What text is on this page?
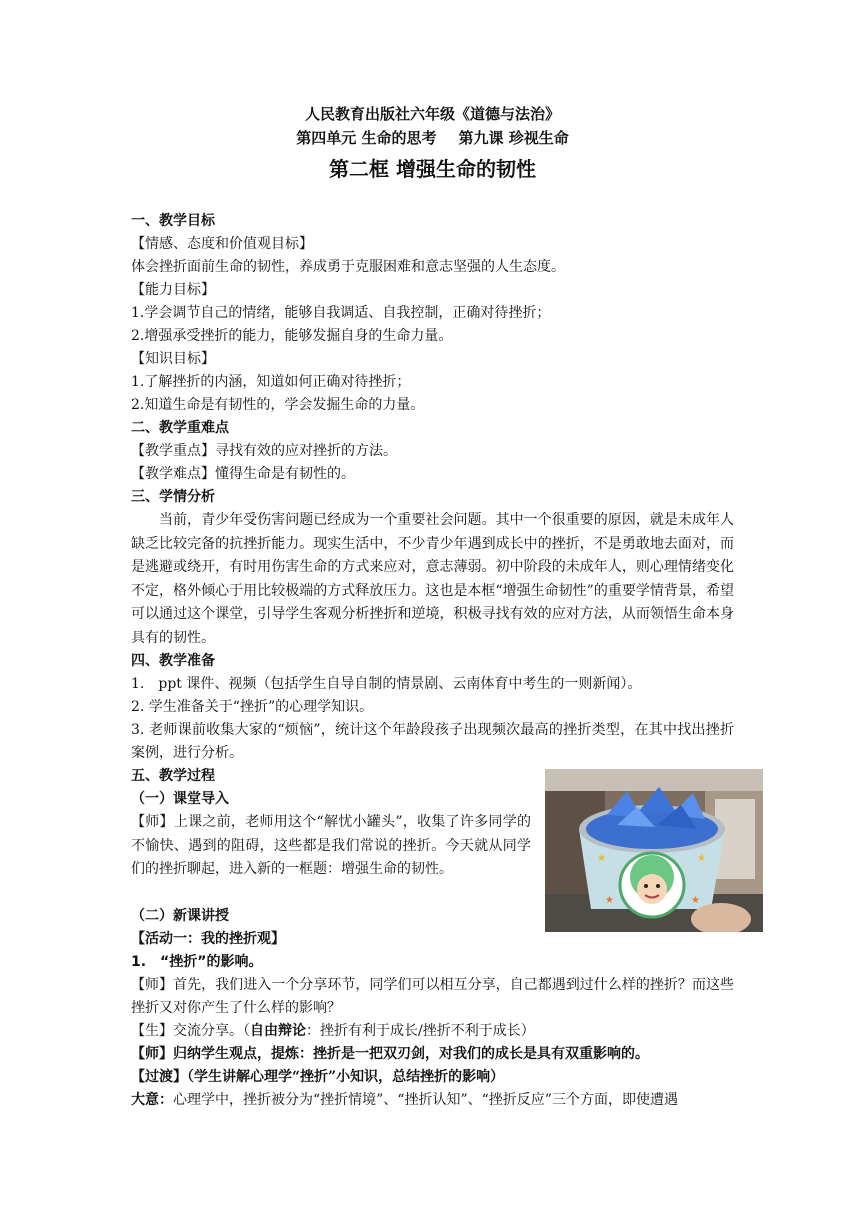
人民教育出版社六年级《道德与法治》
第四单元 生命的思考 第九课 珍视生命
第二框 增强生命的韧性
一、教学目标
【情感、态度和价值观目标】
体会挫折面前生命的韧性，养成勇于克服困难和意志坚强的人生态度。
【能力目标】
1.学会调节自己的情绪，能够自我调适、自我控制，正确对待挫折；
2.增强承受挫折的能力，能够发掘自身的生命力量。
【知识目标】
1.了解挫折的内涵，知道如何正确对待挫折；
2.知道生命是有韧性的，学会发掘生命的力量。
二、教学重难点
【教学重点】寻找有效的应对挫折的方法。
【教学难点】懂得生命是有韧性的。
三、学情分析
当前，青少年受伤害问题已经成为一个重要社会问题。其中一个很重要的原因，就是未成年人缺乏比较完备的抗挫折能力。现实生活中，不少青少年遇到成长中的挫折，不是勇敢地去面对，而是逃避或绕开，有时用伤害生命的方式来应对，意志薄弱。初中阶段的未成年人，则心理情绪变化不定，格外倾心于用比较极端的方式释放压力。这也是本框“增强生命韧性”的重要学情背景，希望可以通过这个课堂，引导学生客观分析挫折和逆境，积极寻找有效的应对方法，从而领悟生命本身具有的韧性。
四、教学准备
1.　ppt 课件、视频（包括学生自导自制的情景剧、云南体育中考生的一则新闻）。
2. 学生准备关于“挫折”的心理学知识。
3. 老师课前收集大家的“烦恼”，统计这个年龄段孩子出现频次最高的挫折类型，在其中找出挫折案例，进行分析。
五、教学过程
（一）课堂导入
【师】上课之前，老师用这个“解忧小罐头”，收集了许多同学的不愉快、遇到的阻碍，这些都是我们常说的挫折。今天就从同学们的挫折聊起，进入新的一框题：增强生命的韧性。
（二）新课讲授
【活动一：我的挫折观】
1.　“挫折”的影响。
【师】首先，我们进入一个分享环节，同学们可以相互分享，自己都遇到过什么样的挫折？而这些挫折又对你产生了什么样的影响？
【生】交流分享。（自由辩论：挫折有利于成长/挫折不利于成长）
【师】归纳学生观点，提炼：挫折是一把双刃剑，对我们的成长是具有双重影响的。
【过渡】（学生讲解心理学“挫折”小知识，总结挫折的影响）
大意：心理学中，挫折被分为“挫折情境”、“挫折认知”、“挫折反应”三个方面，即使遭遇
★	★
★	★
